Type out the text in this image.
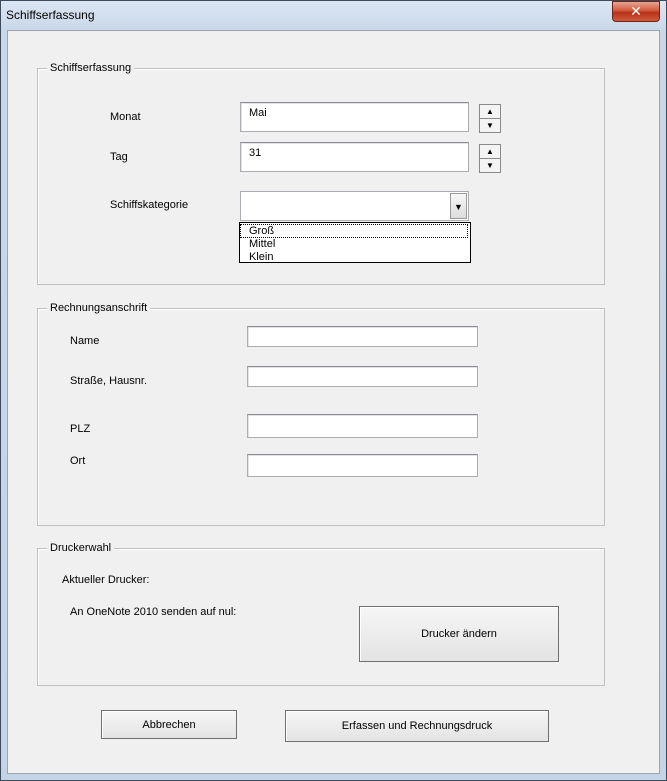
Schiffserfassung	✕
Schiffserfassung
Monat	Mai	▲
▼
Tag	31	▲
▼
Schiffskategorie	▼
Groß
Mittel
Klein
Rechnungsanschrift
Name
Straße, Hausnr.
PLZ
Ort
Druckerwahl
Aktueller Drucker:
An OneNote 2010 senden auf nul:
Drucker ändern
Abbrechen	Erfassen und Rechnungsdruck
